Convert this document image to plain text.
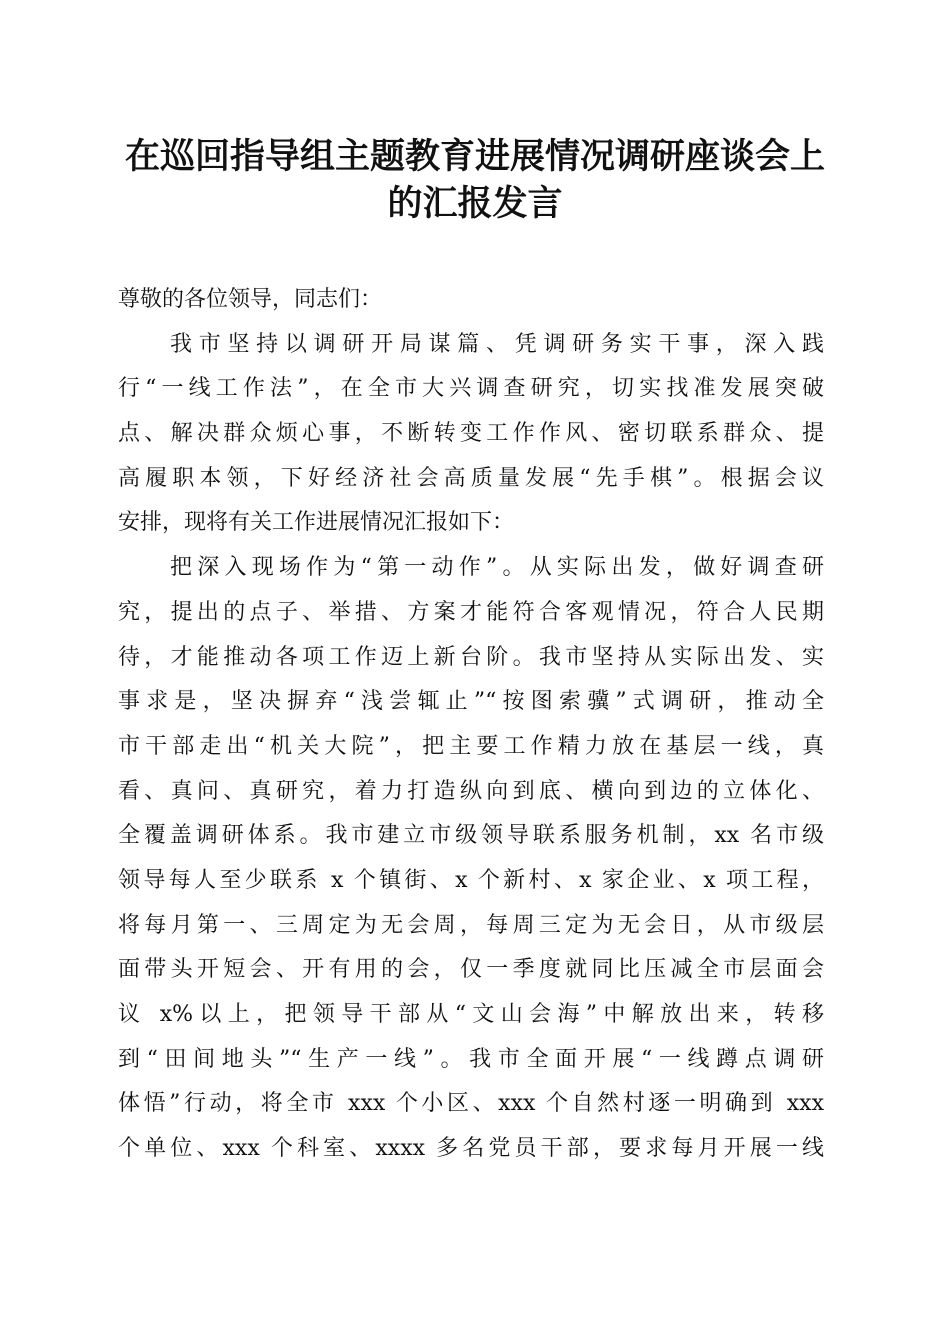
在巡回指导组主题教育进展情况调研座谈会上
的汇报发言
尊敬的各位领导，同志们：
我市坚持以调研开局谋篇、凭调研务实干事，深入践
行“一线工作法”，在全市大兴调查研究，切实找准发展突破
点、解决群众烦心事，不断转变工作作风、密切联系群众、提
高履职本领，下好经济社会高质量发展“先手棋”。根据会议
安排，现将有关工作进展情况汇报如下：
把深入现场作为“第一动作”。从实际出发，做好调查研
究，提出的点子、举措、方案才能符合客观情况，符合人民期
待，才能推动各项工作迈上新台阶。我市坚持从实际出发、实
事求是，坚决摒弃“浅尝辄止”“按图索骥”式调研，推动全
市干部走出“机关大院”，把主要工作精力放在基层一线，真
看、真问、真研究，着力打造纵向到底、横向到边的立体化、
全覆盖调研体系。我市建立市级领导联系服务机制，xx 名市级
领导每人至少联系 x 个镇街、x 个新村、x 家企业、x 项工程，
将每月第一、三周定为无会周，每周三定为无会日，从市级层
面带头开短会、开有用的会，仅一季度就同比压减全市层面会
议 x%以上，把领导干部从“文山会海”中解放出来，转移
到“田间地头”“生产一线”。我市全面开展“一线蹲点调研
体悟”行动，将全市 xxx 个小区、xxx 个自然村逐一明确到 xxx
个单位、xxx 个科室、xxxx 多名党员干部，要求每月开展一线
